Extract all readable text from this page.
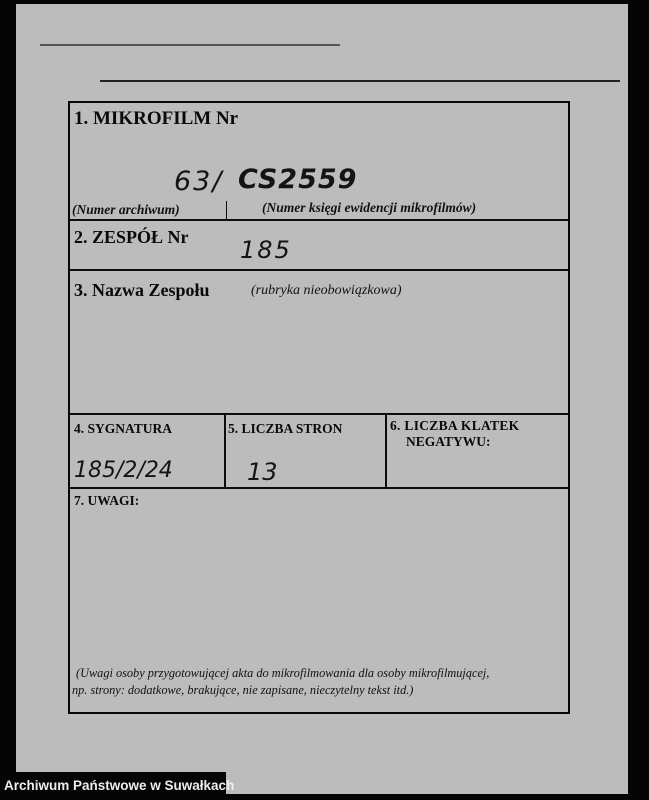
1. MIKROFILM Nr
63/ CS2559
(Numer archiwum)	(Numer księgi ewidencji mikrofilmów)
2. ZESPÓŁ Nr 185
3. Nazwa Zespołu	(rubryka nieobowiązkowa)
4. SYGNATURA
185/2/24
5. LICZBA STRON
13
6. LICZBA KLATEK
NEGATYWU:
7. UWAGI:
(Uwagi osoby przygotowującej akta do mikrofilmowania dla osoby mikrofilmującej,
np. strony: dodatkowe, brakujące, nie zapisane, nieczytelny tekst itd.)
Archiwum Państwowe w Suwałkach
